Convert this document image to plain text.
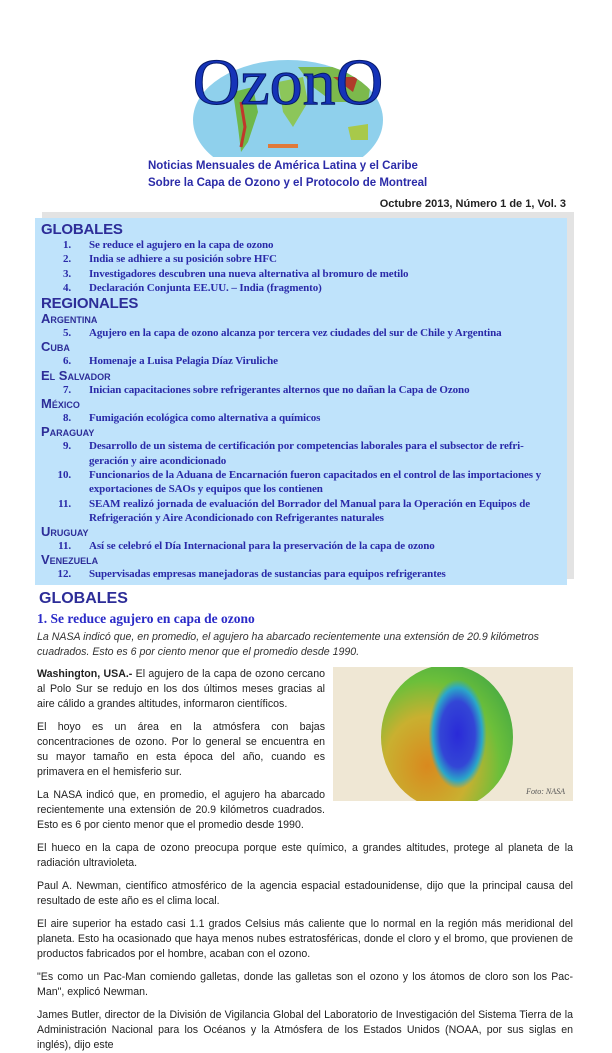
OzonO
Noticias Mensuales de América Latina y el Caribe
Sobre la Capa de Ozono y el Protocolo de Montreal
Octubre 2013, Número 1 de 1, Vol. 3
GLOBALES
1.	Se reduce el agujero en la capa de ozono
2.	India se adhiere a su posición sobre HFC
3.	Investigadores descubren una nueva alternativa al bromuro de metilo
4.	Declaración Conjunta EE.UU. – India (fragmento)
REGIONALES
Argentina
5.	Agujero en la capa de ozono alcanza por tercera vez ciudades del sur de Chile y Argentina
Cuba
6.	Homenaje a Luisa Pelagia Díaz Viruliche
El Salvador
7.	Inician capacitaciones sobre refrigerantes alternos que no dañan la Capa de Ozono
México
8.	Fumigación ecológica como alternativa a químicos
Paraguay
9.	Desarrollo de un sistema de certificación por competencias laborales para el subsector de refri-geración y aire acondicionado
10.	Funcionarios de la Aduana de Encarnación fueron capacitados en el control de las importaciones y exportaciones de SAOs y equipos que los contienen
11.	SEAM realizó jornada de evaluación del Borrador del Manual para la Operación en Equipos de Refrigeración y Aire Acondicionado con Refrigerantes naturales
Uruguay
11.	Así se celebró el Día Internacional para la preservación de la capa de ozono
Venezuela
12.	Supervisadas empresas manejadoras de sustancias para equipos refrigerantes
GLOBALES
1. Se reduce agujero en capa de ozono
La NASA indicó que, en promedio, el agujero ha abarcado recientemente una extensión de 20.9 kilómetros cuadrados. Esto es 6 por ciento menor que el promedio desde 1990.
Foto: NASA

Washington, USA.- El agujero de la capa de ozono cercano al Polo Sur se redujo en los dos últimos meses gracias al aire cálido a grandes altitudes, informaron científicos.

El hoyo es un área en la atmósfera con bajas concentraciones de ozono. Por lo general se encuentra en su mayor tamaño en esta época del año, cuando es primavera en el hemisferio sur.

La NASA indicó que, en promedio, el agujero ha abarcado recientemente una extensión de 20.9 kilómetros cuadrados. Esto es 6 por ciento menor que el promedio desde 1990.

El hueco en la capa de ozono preocupa porque este químico, a grandes altitudes, protege al planeta de la radiación ultravioleta.

Paul A. Newman, científico atmosférico de la agencia espacial estadounidense, dijo que la principal causa del resultado de este año es el clima local.

El aire superior ha estado casi 1.1 grados Celsius más caliente que lo normal en la región más meridional del planeta. Esto ha ocasionado que haya menos nubes estratosféricas, donde el cloro y el bromo, que provienen de productos fabricados por el hombre, acaban con el ozono.

"Es como un Pac-Man comiendo galletas, donde las galletas son el ozono y los átomos de cloro son los Pac-Man", explicó Newman.

James Butler, director de la División de Vigilancia Global del Laboratorio de Investigación del Sistema Tierra de la Administración Nacional para los Océanos y la Atmósfera de los Estados Unidos (NOAA, por sus siglas en inglés), dijo este
